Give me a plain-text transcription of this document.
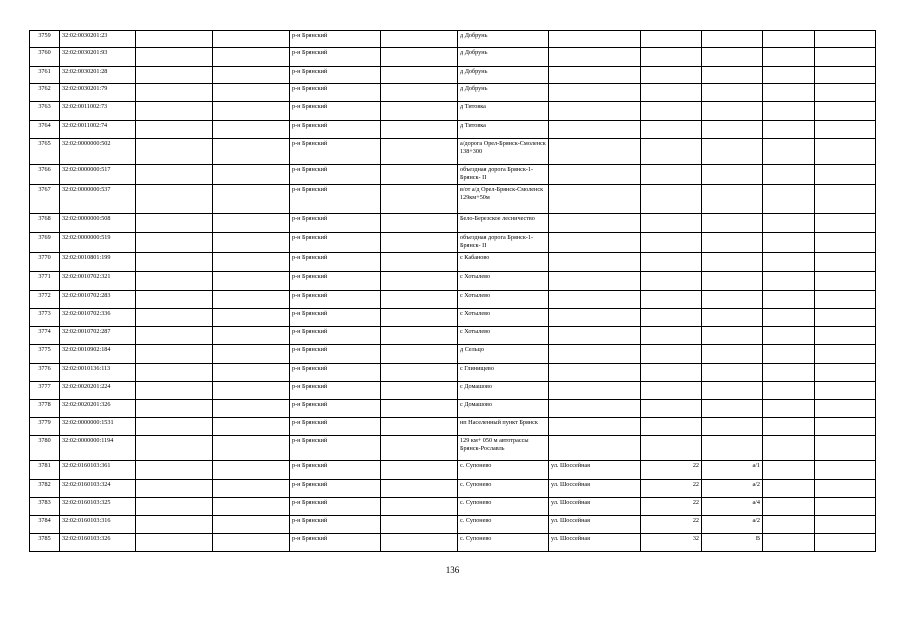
3759	32:02:0030201:23			р-н Брянский		д Добрунь					
3760	32:02:0030201:93			р-н Брянский		д Добрунь					
3761	32:02:0030201:28			р-н Брянский		д Добрунь					
3762	32:02:0030201:79			р-н Брянский		д Добрунь					
3763	32:02:0011002:73			р-н Брянский		д Титовка					
3764	32:02:0011002:74			р-н Брянский		д Титовка					
3765	32:02:0000000:502			р-н Брянский		а/дорога Орел-Брянск-Смоленск 138+300					
3766	32:02:0000000:517			р-н Брянский		объездная дорога Брянск-1- Брянск- II					
3767	32:02:0000000:537			р-н Брянский		в/от а/д Орел-Брянск-Смоленск 129км+50м					
3768	32:02:0000000:508			р-н Брянский		Бело-Березское лесничество					
3769	32:02:0000000:519			р-н Брянский		объездная дорога Брянск-1- Брянск- II					
3770	32:02:0010801:199			р-н Брянский		с Кабаново					
3771	32:02:0010702:321			р-н Брянский		с Хотылево					
3772	32:02:0010702:283			р-н Брянский		с Хотылево					
3773	32:02:0010702:336			р-н Брянский		с Хотылево					
3774	32:02:0010702:287			р-н Брянский		с Хотылево					
3775	32:02:0010902:184			р-н Брянский		д Сельцо					
3776	32:02:0010136:113			р-н Брянский		с Глинищево					
3777	32:02:0020201:224			р-н Брянский		с Домашово					
3778	32:02:0020201:326			р-н Брянский		с Домашово					
3779	32:02:0000000:1531			р-н Брянский		нп Населенный пункт Брянск					
3780	32:02:0000000:1194			р-н Брянский		129 км+ 050 м автотрассы Брянск-Рославль					
3781	32:02:0160103:361			р-н Брянский		с. Супонево	ул. Шоссейная	22	а/1		
3782	32:02:0160103:324			р-н Брянский		с. Супонево	ул. Шоссейная	22	а/2		
3783	32:02:0160103:325			р-н Брянский		с. Супонево	ул. Шоссейная	22	а/4		
3784	32:02:0160103:316			р-н Брянский		с. Супонево	ул. Шоссейная	22	а/2		
3785	32:02:0160103:326			р-н Брянский		с. Супонево	ул. Шоссейная	32	В		
136
